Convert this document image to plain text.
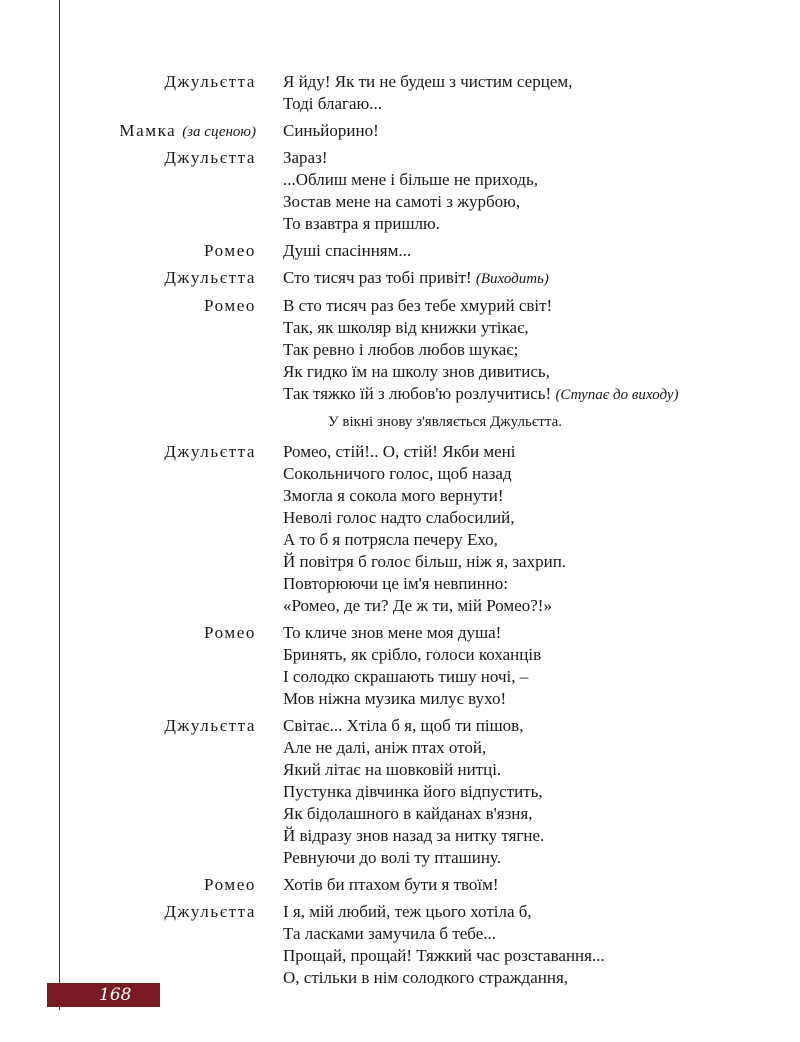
Джульєтта Я йду! Як ти не будеш з чистим серцем,
Тоді благаю...
Мамка (за сценою) Синьйорино!
Джульєтта Зараз!
...Облиш мене і більше не приходь,
Зостав мене на самоті з журбою,
То взавтра я пришлю.
Ромео Душі спасінням...
Джульєтта Сто тисяч раз тобі привіт! (Виходить)
Ромео В сто тисяч раз без тебе хмурий світ!
Так, як школяр від книжки утікає,
Так ревно і любов любов шукає;
Як гидко їм на школу знов дивитись,
Так тяжко їй з любов'ю розлучитись! (Ступає до виходу)
У вікні знову з'являється Джульєтта.
Джульєтта Ромео, стій!.. О, стій! Якби мені
Сокольничого голос, щоб назад
Змогла я сокола мого вернути!
Неволі голос надто слабосилий,
А то б я потрясла печеру Ехо,
Й повітря б голос більш, ніж я, захрип.
Повторюючи це ім'я невпинно:
«Ромео, де ти? Де ж ти, мій Ромео?!»
Ромео То кличе знов мене моя душа!
Бринять, як срібло, голоси коханців
І солодко скрашають тишу ночі, –
Мов ніжна музика милує вухо!
Джульєтта Світає... Хтіла б я, щоб ти пішов,
Але не далі, аніж птах отой,
Який літає на шовковій нитці.
Пустунка дівчинка його відпустить,
Як бідолашного в кайданах в'язня,
Й відразу знов назад за нитку тягне.
Ревнуючи до волі ту пташину.
Ромео Хотів би птахом бути я твоїм!
Джульєтта І я, мій любий, теж цього хотіла б,
Та ласками замучила б тебе...
Прощай, прощай! Тяжкий час розставання...
О, стільки в нім солодкого страждання,
168
